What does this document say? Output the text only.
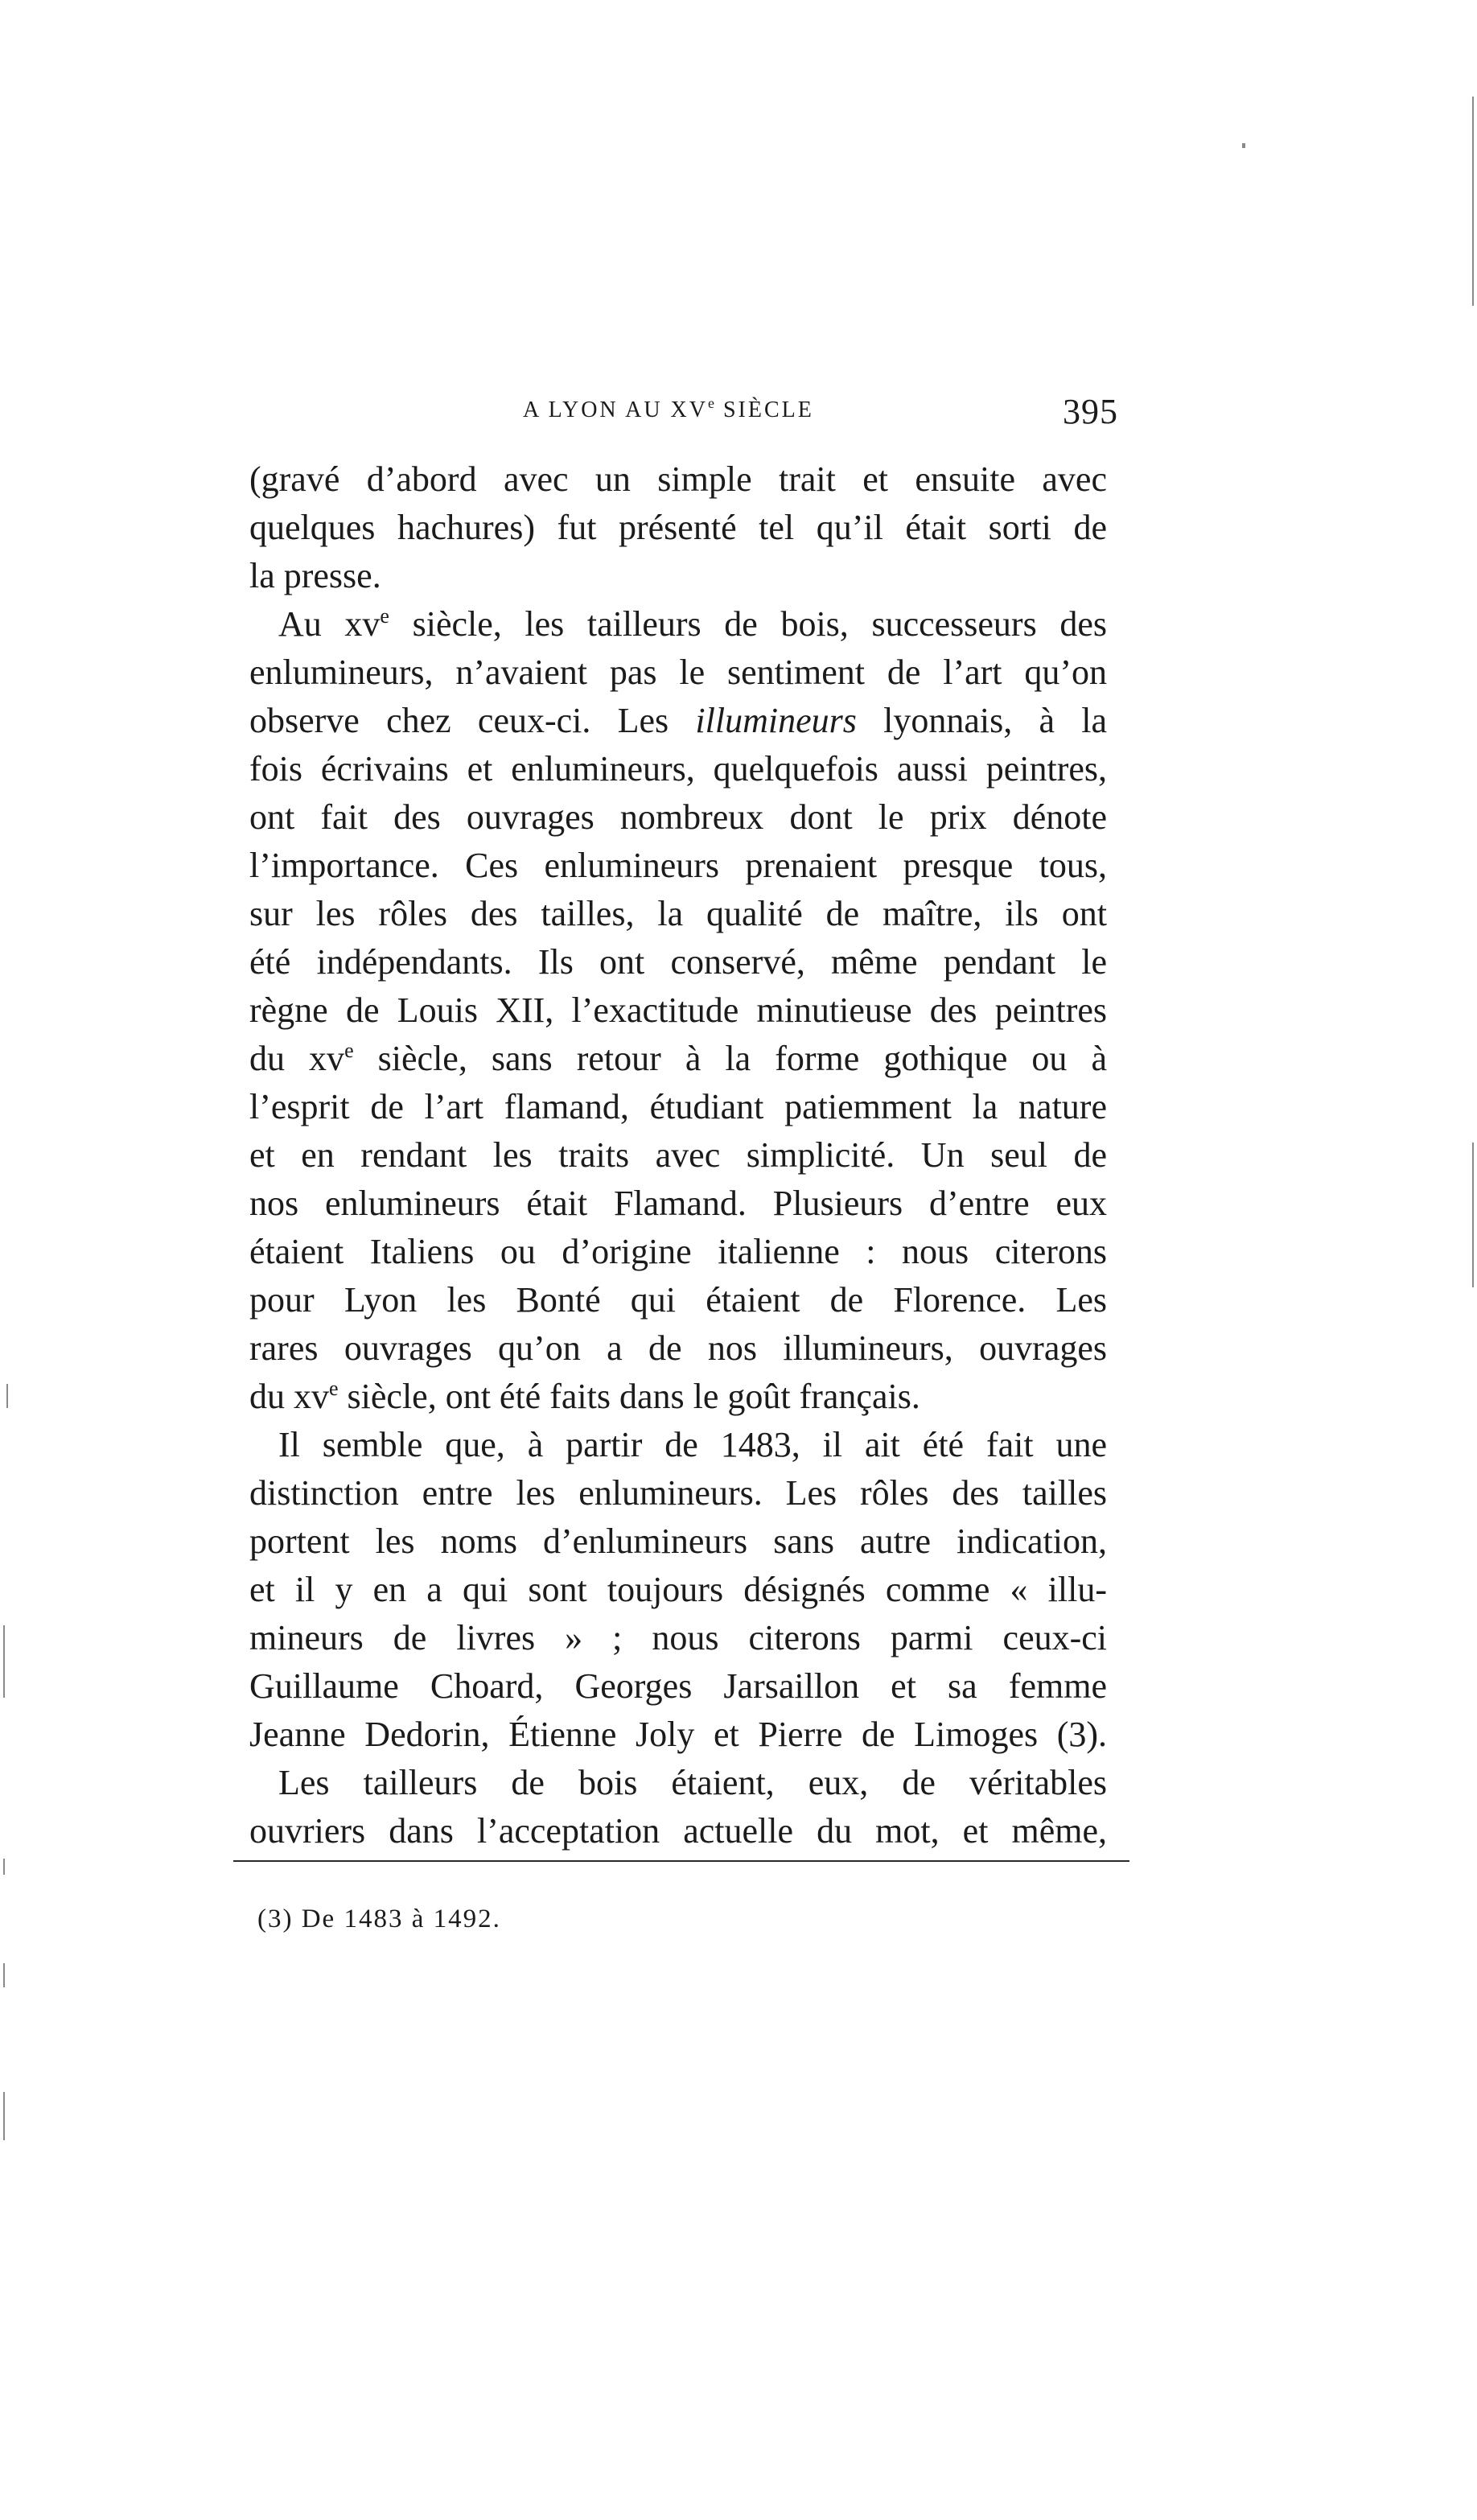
A LYON AU XVe SIÈCLE	395
(gravé d’abord avec un simple trait et ensuite avec
quelques hachures) fut présenté tel qu’il était sorti de
la presse.
Au $xv^e$ siècle, les tailleurs de bois, successeurs des
enlumineurs, n’avaient pas le sentiment de l’art qu’on
observe chez ceux-ci. Les illumineurs lyonnais, à la
fois écrivains et enlumineurs, quelquefois aussi peintres,
ont fait des ouvrages nombreux dont le prix dénote
l’importance. Ces enlumineurs prenaient presque tous,
sur les rôles des tailles, la qualité de maître, ils ont
été indépendants. Ils ont conservé, même pendant le
règne de Louis XII, l’exactitude minutieuse des peintres
du $xv^e$ siècle, sans retour à la forme gothique ou à
l’esprit de l’art flamand, étudiant patiemment la nature
et en rendant les traits avec simplicité. Un seul de
nos enlumineurs était Flamand. Plusieurs d’entre eux
étaient Italiens ou d’origine italienne : nous citerons
pour Lyon les Bonté qui étaient de Florence. Les
rares ouvrages qu’on a de nos illumineurs, ouvrages
du $xv^e$ siècle, ont été faits dans le goût français.
Il semble que, à partir de 1483, il ait été fait une
distinction entre les enlumineurs. Les rôles des tailles
portent les noms d’enlumineurs sans autre indication,
et il y en a qui sont toujours désignés comme « illu-
mineurs de livres » ; nous citerons parmi ceux-ci
Guillaume Choard, Georges Jarsaillon et sa femme
Jeanne Dedorin, Étienne Joly et Pierre de Limoges (3).
Les tailleurs de bois étaient, eux, de véritables
ouvriers dans l’acceptation actuelle du mot, et même,
(3) De 1483 à 1492.
